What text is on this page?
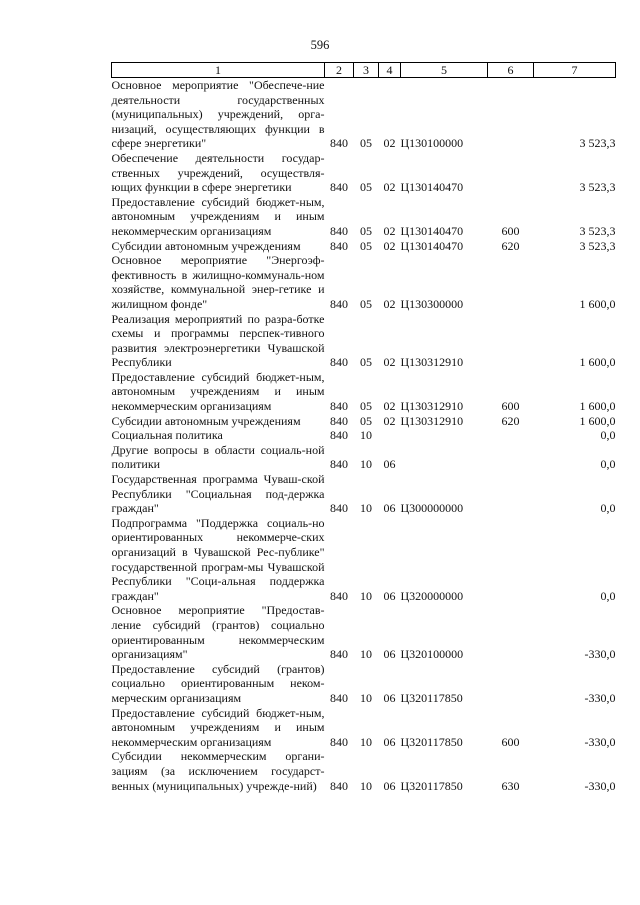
596
1	2	3	4	5	6	7
Основное мероприятие "Обеспече-ние деятельности государственных (муниципальных) учреждений, орга-низаций, осуществляющих функции в сфере энергетики"	840	05	02	Ц130100000		3 523,3
Обеспечение деятельности государ-ственных учреждений, осуществля-ющих функции в сфере энергетики	840	05	02	Ц130140470		3 523,3
Предоставление субсидий бюджет-ным, автономным учреждениям и иным некоммерческим организациям	840	05	02	Ц130140470	600	3 523,3
Субсидии автономным учреждениям	840	05	02	Ц130140470	620	3 523,3
Основное мероприятие "Энергоэф-фективность в жилищно-коммуналь-ном хозяйстве, коммунальной энер-гетике и жилищном фонде"	840	05	02	Ц130300000		1 600,0
Реализация мероприятий по разра-ботке схемы и программы перспек-тивного развития электроэнергетики Чувашской Республики	840	05	02	Ц130312910		1 600,0
Предоставление субсидий бюджет-ным, автономным учреждениям и иным некоммерческим организациям	840	05	02	Ц130312910	600	1 600,0
Субсидии автономным учреждениям	840	05	02	Ц130312910	620	1 600,0
Социальная политика	840	10				0,0
Другие вопросы в области социаль-ной политики	840	10	06			0,0
Государственная программа Чуваш-ской Республики "Социальная под-держка граждан"	840	10	06	Ц300000000		0,0
Подпрограмма "Поддержка социаль-но ориентированных некоммерче-ских организаций в Чувашской Рес-публике" государственной програм-мы Чувашской Республики "Соци-альная поддержка граждан"	840	10	06	Ц320000000		0,0
Основное мероприятие "Предостав-ление субсидий (грантов) социально ориентированным некоммерческим организациям"	840	10	06	Ц320100000		-330,0
Предоставление субсидий (грантов) социально ориентированным неком-мерческим организациям	840	10	06	Ц320117850		-330,0
Предоставление субсидий бюджет-ным, автономным учреждениям и иным некоммерческим организациям	840	10	06	Ц320117850	600	-330,0
Субсидии некоммерческим органи-зациям (за исключением государст-венных (муниципальных) учрежде-ний)	840	10	06	Ц320117850	630	-330,0
